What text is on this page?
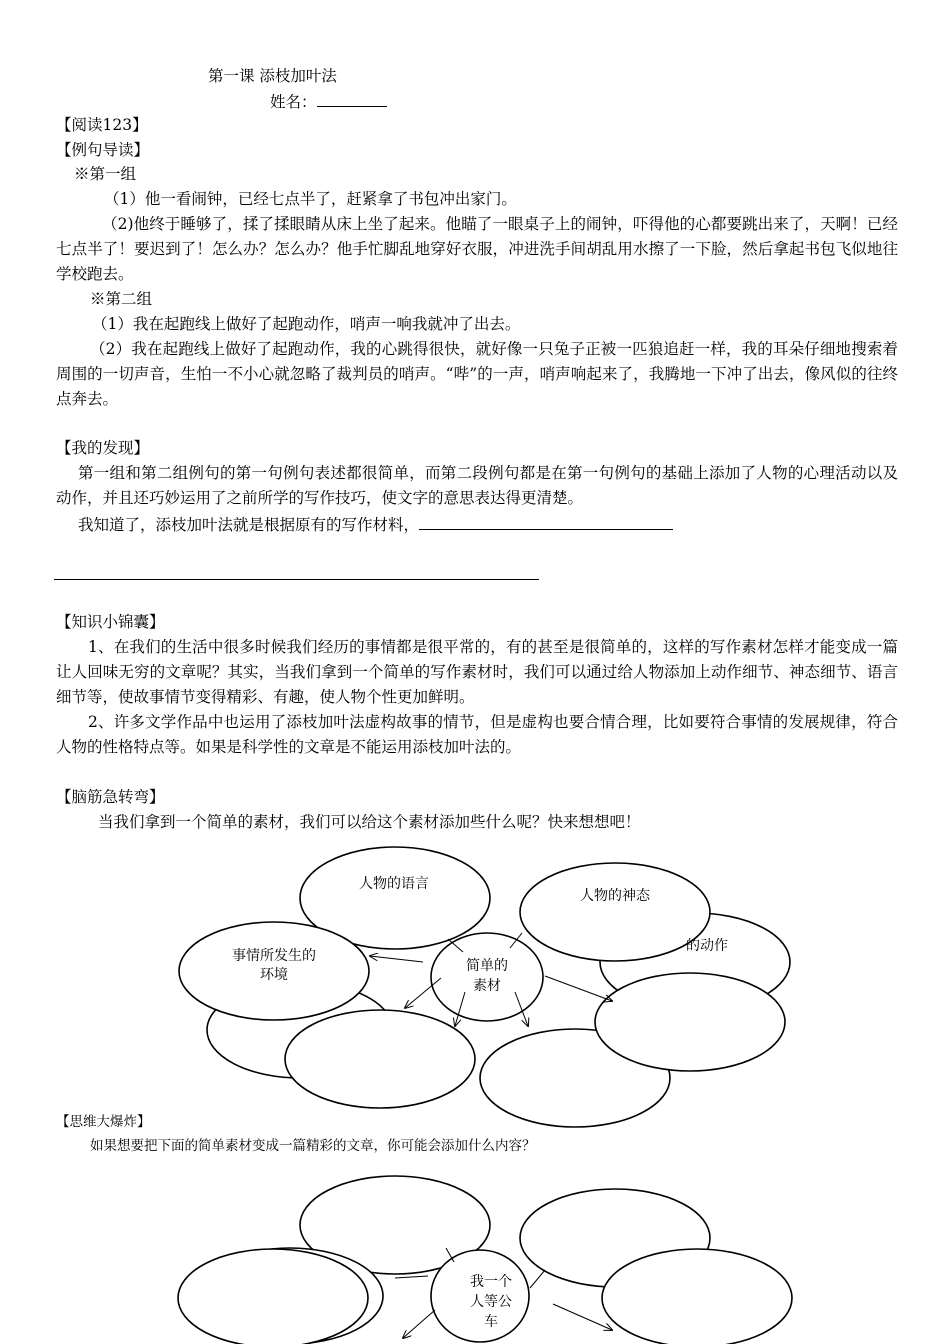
第一课 添枝加叶法
姓名：
【阅读123】
【例句导读】
※第一组
（1）他一看闹钟，已经七点半了，赶紧拿了书包冲出家门。
（2)他终于睡够了，揉了揉眼睛从床上坐了起来。他瞄了一眼桌子上的闹钟，吓得他的心都要跳出来了，天啊！已经七点半了！要迟到了！怎么办？怎么办？他手忙脚乱地穿好衣服，冲进洗手间胡乱用水擦了一下脸，然后拿起书包飞似地往学校跑去。
※第二组
（1）我在起跑线上做好了起跑动作，哨声一响我就冲了出去。
（2）我在起跑线上做好了起跑动作，我的心跳得很快，就好像一只兔子正被一匹狼追赶一样，我的耳朵仔细地搜索着周围的一切声音，生怕一不小心就忽略了裁判员的哨声。“哔”的一声，哨声响起来了，我腾地一下冲了出去，像风似的往终点奔去。
【我的发现】
第一组和第二组例句的第一句例句表述都很简单，而第二段例句都是在第一句例句的基础上添加了人物的心理活动以及动作，并且还巧妙运用了之前所学的写作技巧，使文字的意思表达得更清楚。
我知道了，添枝加叶法就是根据原有的写作材料，
【知识小锦囊】
1、在我们的生活中很多时候我们经历的事情都是很平常的，有的甚至是很简单的，这样的写作素材怎样才能变成一篇让人回味无穷的文章呢？其实，当我们拿到一个简单的写作素材时，我们可以通过给人物添加上动作细节、神态细节、语言细节等，使故事情节变得精彩、有趣，使人物个性更加鲜明。
2、许多文学作品中也运用了添枝加叶法虚构故事的情节，但是虚构也要合情合理，比如要符合事情的发展规律，符合人物的性格特点等。如果是科学性的文章是不能运用添枝加叶法的。
【脑筋急转弯】
当我们拿到一个简单的素材，我们可以给这个素材添加些什么呢？快来想想吧！
【思维大爆炸】
如果想要把下面的简单素材变成一篇精彩的文章，你可能会添加什么内容？
人物的语言
人物的神态
的动作
事情所发生的
环境
简单的
素材
我一个
人等公
车
